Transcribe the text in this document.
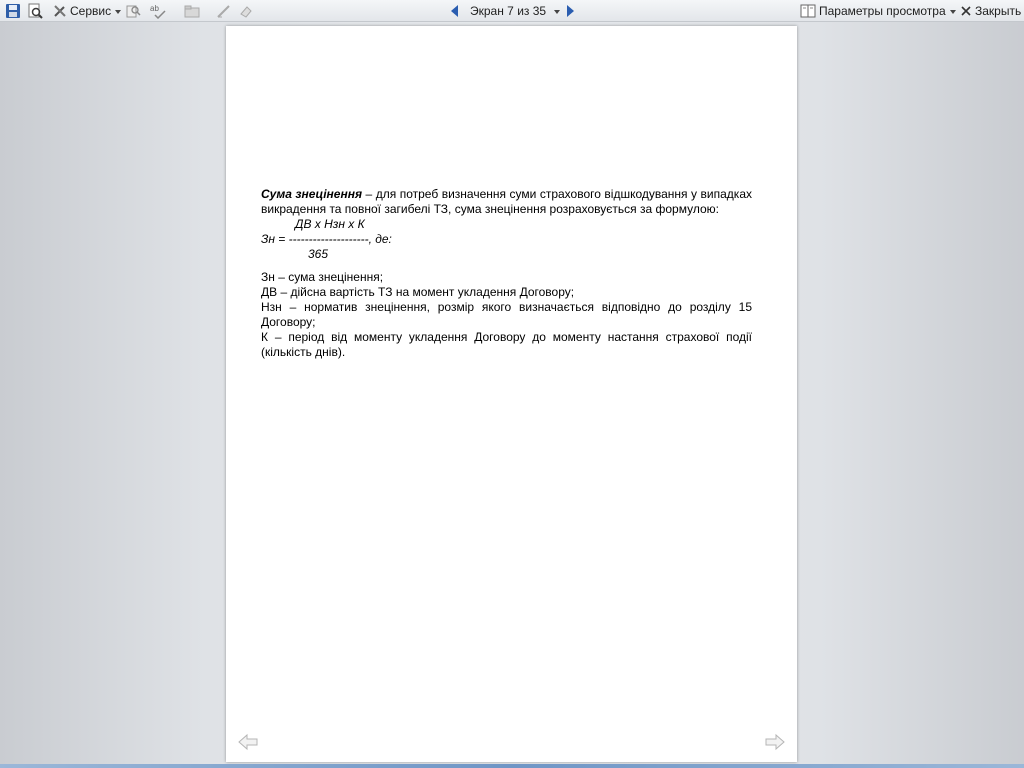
Сервис	ab	Экран 7 из 35	Параметры просмотра Закрыть

Сума знецінення – для потреб визначення суми страхового відшкодування у випадках викрадення та повної загибелі ТЗ, сума знецінення розраховується за формулою:

ДВ х Нзн х К

Зн = --------------------, де:

365

Зн – сума знецінення;

ДВ – дійсна вартість ТЗ на момент укладення Договору;

Нзн – норматив знецінення, розмір якого визначається відповідно до розділу 15 Договору;

К – період від моменту укладення Договору до моменту настання страхової події (кількість днів).
